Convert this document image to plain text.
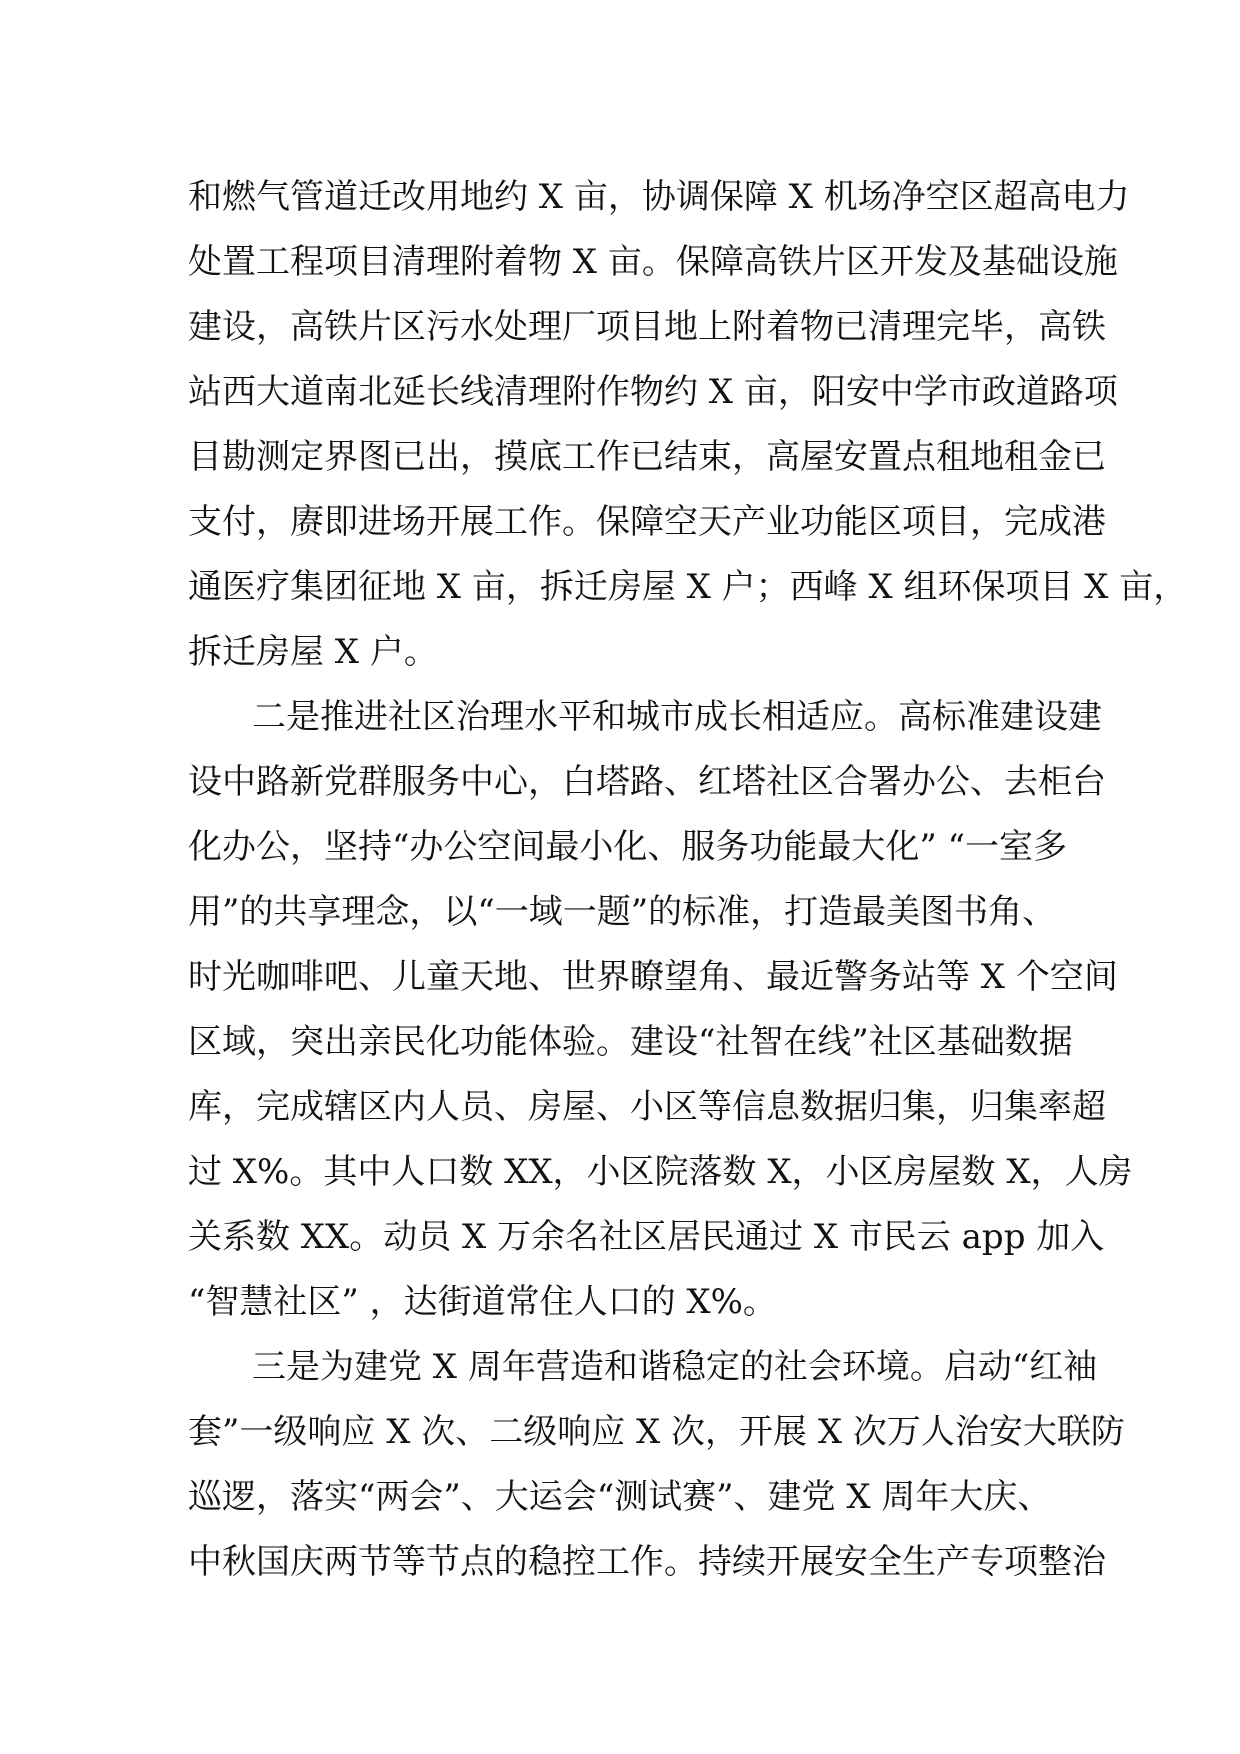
和燃气管道迁改用地约 X 亩，协调保障 X 机场净空区超高电力
处置工程项目清理附着物 X 亩。保障高铁片区开发及基础设施
建设，高铁片区污水处理厂项目地上附着物已清理完毕，高铁
站西大道南北延长线清理附作物约 X 亩，阳安中学市政道路项
目勘测定界图已出，摸底工作已结束，高屋安置点租地租金已
支付，赓即进场开展工作。保障空天产业功能区项目，完成港
通医疗集团征地 X 亩，拆迁房屋 X 户；西峰 X 组环保项目 X 亩，
拆迁房屋 X 户。
二是推进社区治理水平和城市成长相适应。高标准建设建
设中路新党群服务中心，白塔路、红塔社区合署办公、去柜台
化办公，坚持“办公空间最小化、服务功能最大化” “一室多
用”的共享理念，以“一域一题”的标准，打造最美图书角、
时光咖啡吧、儿童天地、世界瞭望角、最近警务站等 X 个空间
区域，突出亲民化功能体验。建设“社智在线”社区基础数据
库，完成辖区内人员、房屋、小区等信息数据归集，归集率超
过 X%。其中人口数 XX，小区院落数 X，小区房屋数 X，人房
关系数 XX。动员 X 万余名社区居民通过 X 市民云 app 加入
“智慧社区” ，达街道常住人口的 X%。
三是为建党 X 周年营造和谐稳定的社会环境。启动“红袖
套”一级响应 X 次、二级响应 X 次，开展 X 次万人治安大联防
巡逻，落实“两会”、大运会“测试赛”、建党 X 周年大庆、
中秋国庆两节等节点的稳控工作。持续开展安全生产专项整治
